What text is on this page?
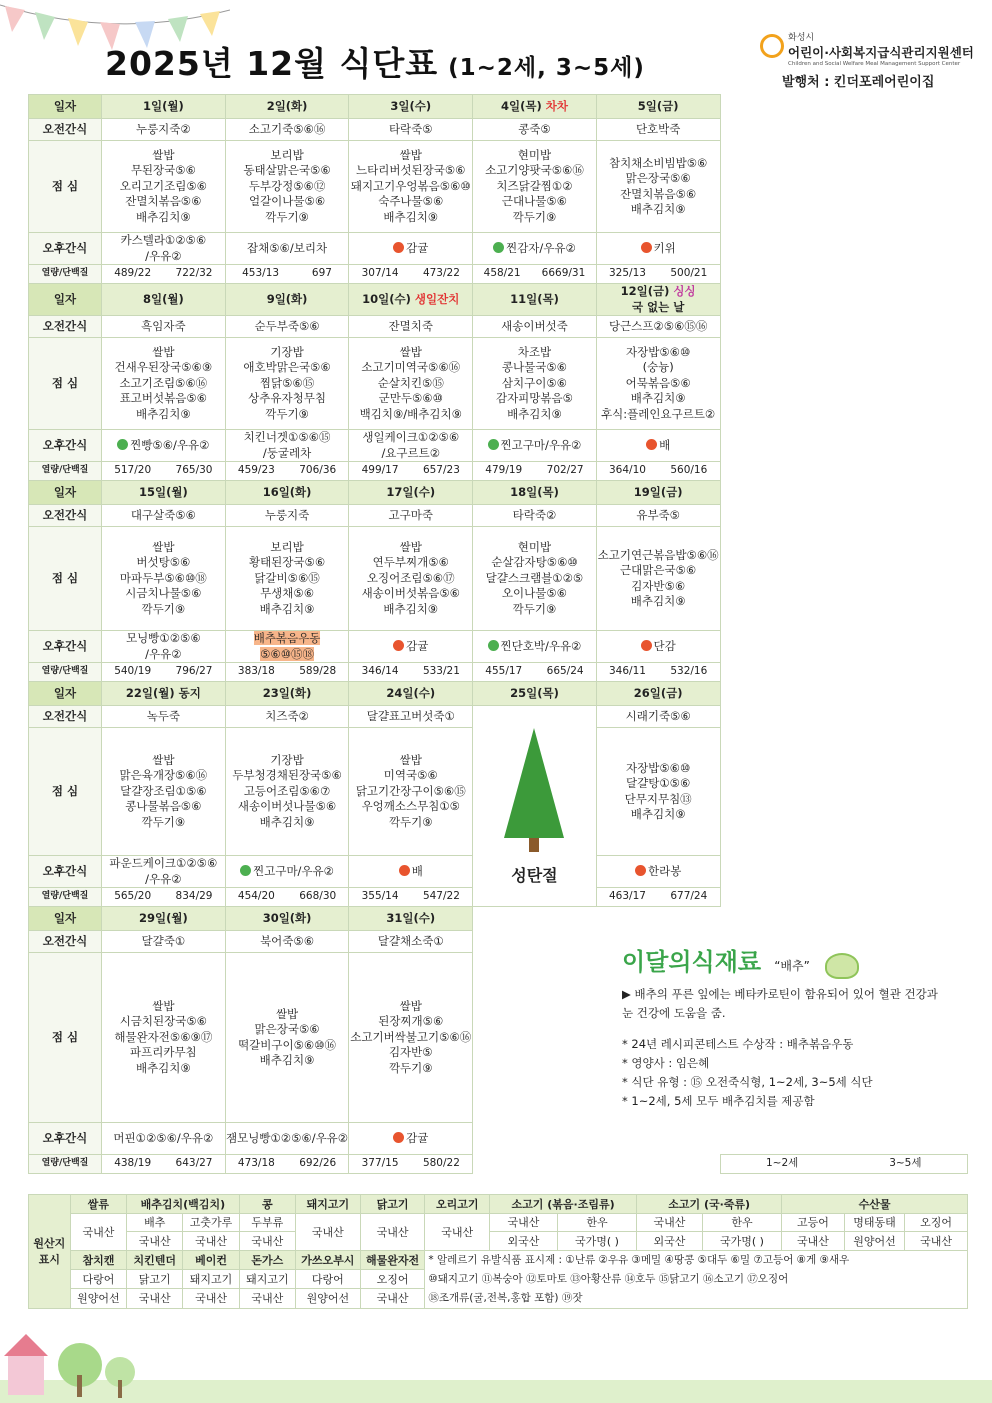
2025년 12월 식단표 (1~2세, 3~5세)
화성시
어린이·사회복지급식관리지원센터
Children and Social Welfare Meal Management Support Center
발행처 : 킨더포레어린이집
일자	1일(월)	2일(화)	3일(수)	4일(목) 차차	5일(금)	
오전간식	누룽지죽②	소고기죽⑤⑥⑯	타락죽⑤	콩죽⑤	단호박죽	
점 심	쌀밥
무된장국⑤⑥
오리고기조림⑤⑥
잔멸치볶음⑤⑥
배추김치⑨	보리밥
동태살맑은국⑤⑥
두부강정⑤⑥⑫
얼갈이나물⑤⑥
깍두기⑨	쌀밥
느타리버섯된장국⑤⑥
돼지고기우엉볶음⑤⑥⑩
숙주나물⑤⑥
배추김치⑨	현미밥
소고기양팟국⑤⑥⑯
치즈닭갈찜①②
근대나물⑤⑥
깍두기⑨	참치채소비빔밥⑤⑥
맑은장국⑤⑥
잔멸치볶음⑤⑥
배추김치⑨	
오후간식	카스텔라①②⑤⑥
/우유②	잡채⑤⑥/보리차	감귤	찐감자/우유②	키위	
열량/단백질	489/22 722/32	453/13 697	307/14 473/22	458/21 6669/31	325/13 500/21	

일자	8일(월)	9일(화)	10일(수) 생일잔치	11일(목)	12일(금) 싱싱
국 없는 날	
오전간식	흑임자죽	순두부죽⑤⑥	잔멸치죽	새송이버섯죽	당근스프②⑤⑥⑮⑯	
점 심	쌀밥
건새우된장국⑤⑥⑨
소고기조림⑤⑥⑯
표고버섯볶음⑤⑥
배추김치⑨	기장밥
애호박맑은국⑤⑥
찜닭⑤⑥⑮
상추유자청무침
깍두기⑨	쌀밥
소고기미역국⑤⑥⑯
순살치킨⑤⑮
군만두⑤⑥⑩
백김치⑨/배추김치⑨	차조밥
콩나물국⑤⑥
삼치구이⑤⑥
감자피망볶음⑤
배추김치⑨	자장밥⑤⑥⑩
(숭늉)
어묵볶음⑤⑥
배추김치⑨
후식:플레인요구르트②	
오후간식	찐빵⑤⑥/우유②	치킨너겟①⑤⑥⑮
/둥굴레차	생일케이크①②⑤⑥
/요구르트②	찐고구마/우유②	배	
열량/단백질	517/20 765/30	459/23 706/36	499/17 657/23	479/19 702/27	364/10 560/16	

일자	15일(월)	16일(화)	17일(수)	18일(목)	19일(금)	
오전간식	대구살죽⑤⑥	누룽지죽	고구마죽	타락죽②	유부죽⑤	
점 심	쌀밥
버섯탕⑤⑥
마파두부⑤⑥⑩⑱
시금치나물⑤⑥
깍두기⑨	보리밥
황태된장국⑤⑥
닭갈비⑤⑥⑮
무생채⑤⑥
배추김치⑨	쌀밥
연두부찌개⑤⑥
오징어조림⑤⑥⑰
새송이버섯볶음⑤⑥
배추김치⑨	현미밥
순살감자탕⑤⑥⑩
달걀스크램블①②⑤
오이나물⑤⑥
깍두기⑨	소고기연근볶음밥⑤⑥⑯
근대맑은국⑤⑥
김자반⑤⑥
배추김치⑨	
오후간식	모닝빵①②⑤⑥
/우유②	배추볶음우동
⑤⑥⑩⑮⑱	감귤	찐단호박/우유②	단감	
열량/단백질	540/19 796/27	383/18 589/28	346/14 533/21	455/17 665/24	346/11 532/16	

일자	22일(월) 동지	23일(화)	24일(수)	25일(목)	26일(금)	
오전간식	녹두죽	치즈죽②	달걀표고버섯죽①	성탄절	시래기죽⑤⑥	
점 심	쌀밥
맑은육개장⑤⑥⑯
달걀장조림①⑤⑥
콩나물볶음⑤⑥
깍두기⑨	기장밥
두부청경채된장국⑤⑥
고등어조림⑤⑥⑦
새송이버섯나물⑤⑥
배추김치⑨	쌀밥
미역국⑤⑥
닭고기간장구이⑤⑥⑮
우엉깨소스무침①⑤
깍두기⑨		자장밥⑤⑥⑩
달걀탕①⑤⑥
단무지무침⑬
배추김치⑨	
오후간식	파운드케이크①②⑤⑥
/우유②	찐고구마/우유②	배		한라봉	
열량/단백질	565/20 834/29	454/20 668/30	355/14 547/22		463/17 677/24	

일자	29일(월)	30일(화)	31일(수)			
오전간식	달걀죽①	북어죽⑤⑥	달걀채소죽①			
점 심	쌀밥
시금치된장국⑤⑥
해물완자전⑤⑥⑨⑰
파프리카무침
배추김치⑨	쌀밥
맑은장국⑤⑥
떡갈비구이⑤⑥⑩⑯
배추김치⑨	쌀밥
된장찌개⑤⑥
소고기버싹불고기⑤⑥⑯
김자반⑤
깍두기⑨			
오후간식	머핀①②⑤⑥/우유②	잼모닝빵①②⑤⑥/우유②	감귤			
열량/단백질	438/19 643/27	473/18 692/26	377/15 580/22			1~2세 3~5세
이달의식재료 “배추”
▶ 배추의 푸른 잎에는 베타카로틴이 함유되어 있어 혈관 건강과
눈 건강에 도움을 줌.
* 24년 레시피콘테스트 수상작 : 배추볶음우동
* 영양사 : 임은혜
* 식단 유형 : ⑮ 오전죽식형, 1~2세, 3~5세 식단
* 1~2세, 5세 모두 배추김치를 제공함
원산지
표시	쌀류	배추김치(백김치)		콩	돼지고기	닭고기	오리고기	소고기 (볶음·조림류)		소고기 (국·죽류)		수산물		
	국내산	배추	고춧가루	두부류	국내산	국내산	국내산	국내산	한우	국내산	한우	고등어	명태동태	오징어
		국내산	국내산	국내산				외국산	국가명( )	외국산	국가명( )	국내산	원양어선	국내산
	참치캔	치킨텐더	베이컨	돈가스	가쓰오부시	해물완자전	* 알레르기 유발식품 표시제 : ①난류 ②우유 ③메밀 ④땅콩 ⑤대두 ⑥밀 ⑦고등어 ⑧게 ⑨새우
⑩돼지고기 ⑪복숭아 ⑫토마토 ⑬아황산류 ⑭호두 ⑮닭고기 ⑯소고기 ⑰오징어
⑱조개류(굴,전복,홍합 포함) ⑲잣							
	다랑어	닭고기	돼지고기	돼지고기	다랑어	오징어								
	원양어선	국내산	국내산	국내산	원양어선	국내산								
